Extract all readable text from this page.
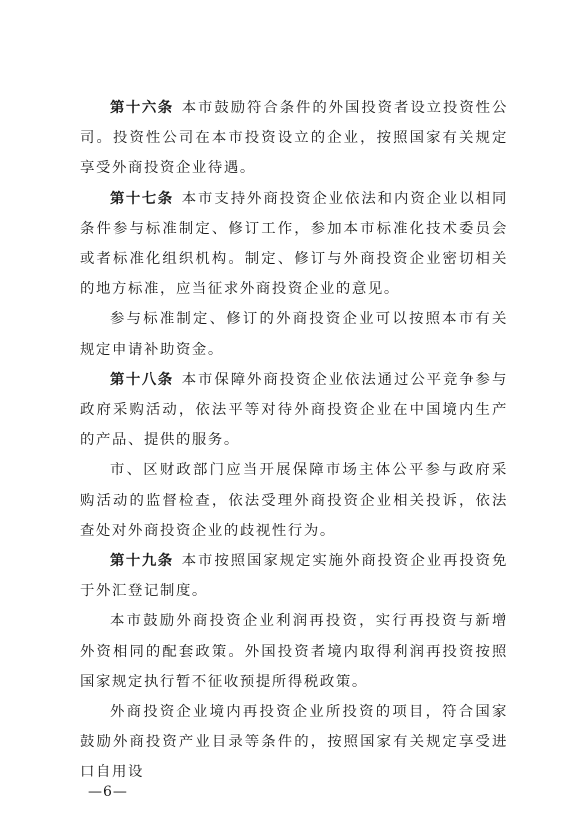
第十六条 本市鼓励符合条件的外国投资者设立投资性公司。投资性公司在本市投资设立的企业，按照国家有关规定享受外商投资企业待遇。

第十七条 本市支持外商投资企业依法和内资企业以相同条件参与标准制定、修订工作，参加本市标准化技术委员会或者标准化组织机构。制定、修订与外商投资企业密切相关的地方标准，应当征求外商投资企业的意见。

参与标准制定、修订的外商投资企业可以按照本市有关规定申请补助资金。

第十八条 本市保障外商投资企业依法通过公平竞争参与政府采购活动，依法平等对待外商投资企业在中国境内生产的产品、提供的服务。

市、区财政部门应当开展保障市场主体公平参与政府采购活动的监督检查，依法受理外商投资企业相关投诉，依法查处对外商投资企业的歧视性行为。

第十九条 本市按照国家规定实施外商投资企业再投资免于外汇登记制度。

本市鼓励外商投资企业利润再投资，实行再投资与新增外资相同的配套政策。外国投资者境内取得利润再投资按照国家规定执行暂不征收预提所得税政策。

外商投资企业境内再投资企业所投资的项目，符合国家鼓励外商投资产业目录等条件的，按照国家有关规定享受进口自用设

—6—
